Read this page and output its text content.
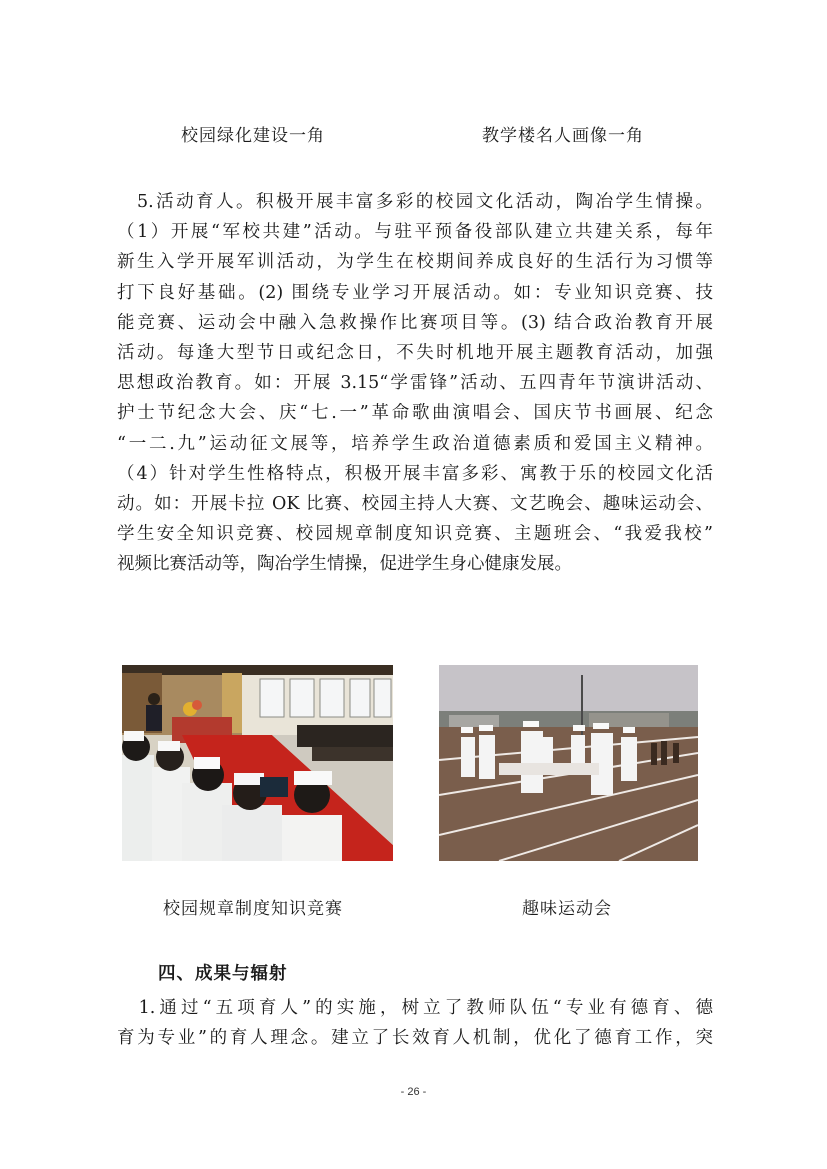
校园绿化建设一角	教学楼名人画像一角
　5.活动育人。积极开展丰富多彩的校园文化活动，陶冶学生情操。
（1）开展“军校共建”活动。与驻平预备役部队建立共建关系，每年
新生入学开展军训活动，为学生在校期间养成良好的生活行为习惯等
打下良好基础。(2) 围绕专业学习开展活动。如：专业知识竞赛、技
能竞赛、运动会中融入急救操作比赛项目等。(3) 结合政治教育开展
活动。每逢大型节日或纪念日，不失时机地开展主题教育活动，加强
思想政治教育。如：开展 3.15“学雷锋”活动、五四青年节演讲活动、
护士节纪念大会、庆“七.一”革命歌曲演唱会、国庆节书画展、纪念
“一二.九”运动征文展等，培养学生政治道德素质和爱国主义精神。
（4）针对学生性格特点，积极开展丰富多彩、寓教于乐的校园文化活
动。如：开展卡拉 OK 比赛、校园主持人大赛、文艺晚会、趣味运动会、
学生安全知识竞赛、校园规章制度知识竞赛、主题班会、“我爱我校”
视频比赛活动等，陶冶学生情操，促进学生身心健康发展。
校园规章制度知识竞赛	趣味运动会
四、成果与辐射
　1.通过“五项育人”的实施，树立了教师队伍“专业有德育、德
育为专业”的育人理念。建立了长效育人机制，优化了德育工作，突
- 26 -
